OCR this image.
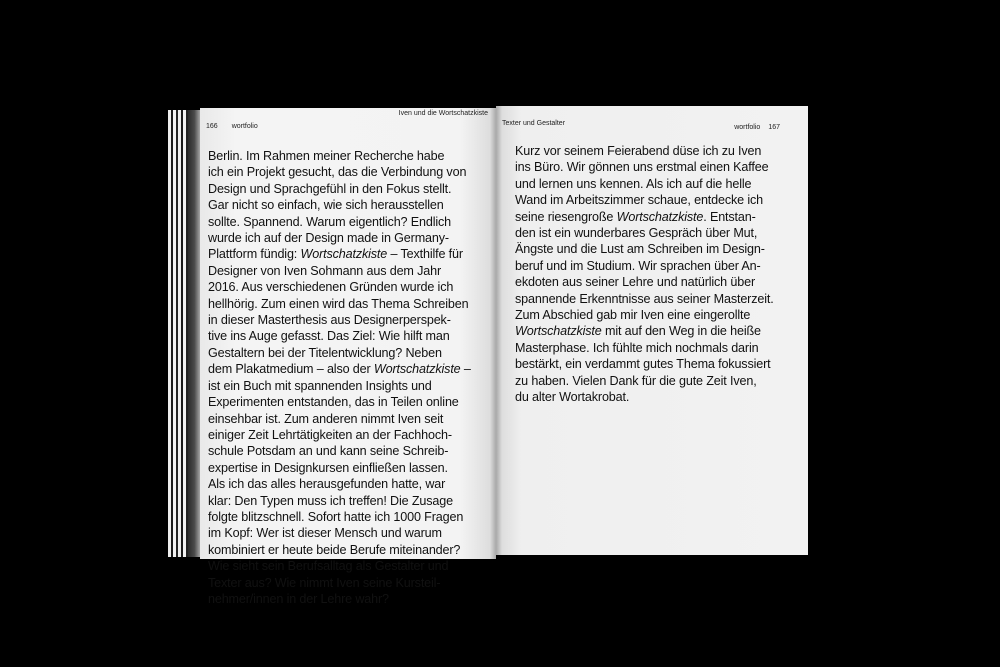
166 wortfolio
Iven und die Wortschatzkiste
Berlin. Im Rahmen meiner Recherche habe
ich ein Projekt gesucht, das die Verbindung von
Design und Sprachgefühl in den Fokus stellt.
Gar nicht so einfach, wie sich herausstellen
sollte. Spannend. Warum eigentlich? Endlich
wurde ich auf der Design made in Germany-
Plattform fündig: Wortschatzkiste – Texthilfe für
Designer von Iven Sohmann aus dem Jahr
2016. Aus verschiedenen Gründen wurde ich
hellhörig. Zum einen wird das Thema Schreiben
in dieser Masterthesis aus Designerperspek-
tive ins Auge gefasst. Das Ziel: Wie hilft man
Gestaltern bei der Titelentwicklung? Neben
dem Plakatmedium – also der Wortschatzkiste –
ist ein Buch mit spannenden Insights und
Experimenten entstanden, das in Teilen online
einsehbar ist. Zum anderen nimmt Iven seit
einiger Zeit Lehrtätigkeiten an der Fachhoch-
schule Potsdam an und kann seine Schreib-
expertise in Designkursen einfließen lassen.
Als ich das alles herausgefunden hatte, war
klar: Den Typen muss ich treffen! Die Zusage
folgte blitzschnell. Sofort hatte ich 1000 Fragen
im Kopf: Wer ist dieser Mensch und warum
kombiniert er heute beide Berufe miteinander?
Wie sieht sein Berufsalltag als Gestalter und
Texter aus? Wie nimmt Iven seine Kursteil-
nehmer/innen in der Lehre wahr?
Texter und Gestalter
wortfolio 167
Kurz vor seinem Feierabend düse ich zu Iven
ins Büro. Wir gönnen uns erstmal einen Kaffee
und lernen uns kennen. Als ich auf die helle
Wand im Arbeitszimmer schaue, entdecke ich
seine riesengroße Wortschatzkiste. Entstan-
den ist ein wunderbares Gespräch über Mut,
Ängste und die Lust am Schreiben im Design-
beruf und im Studium. Wir sprachen über An-
ekdoten aus seiner Lehre und natürlich über
spannende Erkenntnisse aus seiner Masterzeit.
Zum Abschied gab mir Iven eine eingerollte
Wortschatzkiste mit auf den Weg in die heiße
Masterphase. Ich fühlte mich nochmals darin
bestärkt, ein verdammt gutes Thema fokussiert
zu haben. Vielen Dank für die gute Zeit Iven,
du alter Wortakrobat.
